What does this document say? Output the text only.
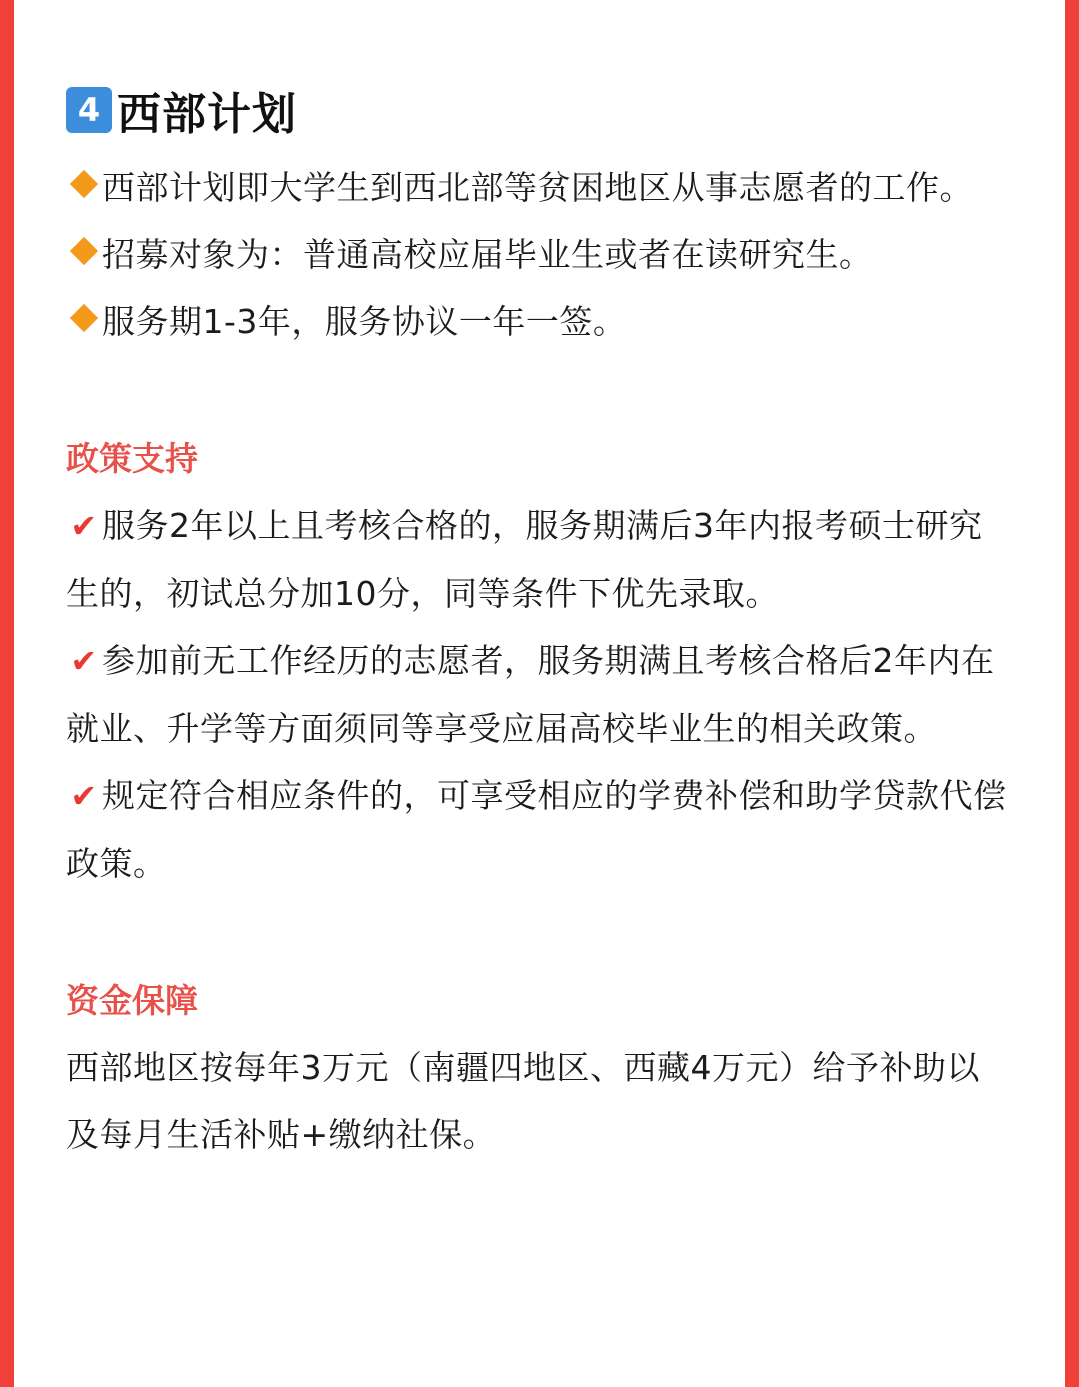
4 西部计划

西部计划即大学生到西北部等贫困地区从事志愿者的工作。

招募对象为：普通高校应届毕业生或者在读研究生。

服务期1-3年，服务协议一年一签。

政策支持

✔ 服务2年以上且考核合格的，服务期满后3年内报考硕士研究生的，初试总分加10分，同等条件下优先录取。

✔ 参加前无工作经历的志愿者，服务期满且考核合格后2年内在就业、升学等方面须同等享受应届高校毕业生的相关政策。

✔ 规定符合相应条件的，可享受相应的学费补偿和助学贷款代偿政策。

资金保障

西部地区按每年3万元（南疆四地区、西藏4万元）给予补助以及每月生活补贴+缴纳社保。
